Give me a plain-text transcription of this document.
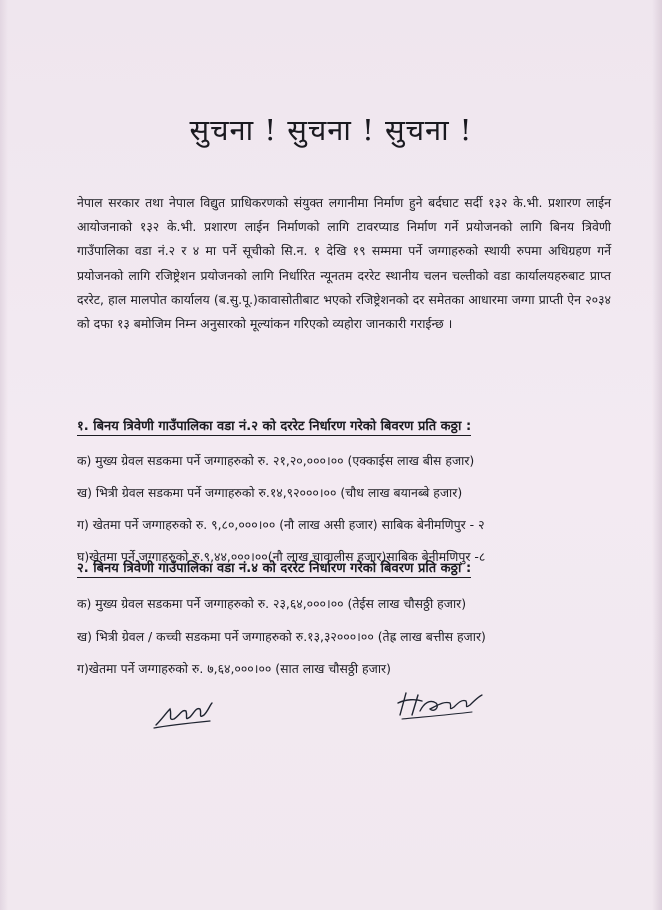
सुचना ! सुचना ! सुचना !
नेपाल सरकार तथा नेपाल विद्युत प्राधिकरणको संयुक्त लगानीमा निर्माण हुने बर्दघाट सर्दी १३२ के.भी. प्रशारण लाईन आयोजनाको १३२ के.भी. प्रशारण लाईन निर्माणको लागि टावरप्याड निर्माण गर्ने प्रयोजनको लागि बिनय त्रिवेणी गाउँपालिका वडा नं.२ र ४ मा पर्ने सूचीको सि.न. १ देखि १९ सम्ममा पर्ने जग्गाहरुको स्थायी रुपमा अधिग्रहण गर्ने प्रयोजनको लागि रजिष्ट्रेशन प्रयोजनको लागि निर्धारित न्यूनतम दररेट स्थानीय चलन चल्तीको वडा कार्यालयहरुबाट प्राप्त दररेट, हाल मालपोत कार्यालय (ब.सु.पू.)कावासोतीबाट भएको रजिष्ट्रेशनको दर समेतका आधारमा जग्गा प्राप्ती ऐन २०३४ को दफा १३ बमोजिम निम्न अनुसारको मूल्यांकन गरिएको व्यहोरा जानकारी गराईन्छ ।
१. बिनय त्रिवेणी गाउँपालिका वडा नं.२ को दररेट निर्धारण गरेको बिवरण प्रति कठ्ठा :
क) मुख्य ग्रेवल सडकमा पर्ने जग्गाहरुको रु. २१,२०,०००।०० (एक्काईस लाख बीस हजार)
ख) भित्री ग्रेवल सडकमा पर्ने जग्गाहरुको रु.१४,९२०००।०० (चौध लाख बयानब्बे हजार)
ग) खेतमा पर्ने जग्गाहरुको रु. ९,८०,०००।०० (नौ लाख असी हजार) साबिक बेनीमणिपुर - २
घ)खेतमा पर्ने जग्गाहरुको रु.९,४४,०००।००(नौ लाख चावालीस हजार)साबिक बेनीमणिपुर -८
२. बिनय त्रिवेणी गाउँपालिका वडा नं.४ को दररेट निर्धारण गरेको बिवरण प्रति कठ्ठा :
क) मुख्य ग्रेवल सडकमा पर्ने जग्गाहरुको रु. २३,६४,०००।०० (तेईस लाख चौसठ्ठी हजार)
ख) भित्री ग्रेवल / कच्ची सडकमा पर्ने जग्गाहरुको रु.१३,३२०००।०० (तेह्र लाख बत्तीस हजार)
ग)खेतमा पर्ने जग्गाहरुको रु. ७,६४,०००।०० (सात लाख चौसठ्ठी हजार)
